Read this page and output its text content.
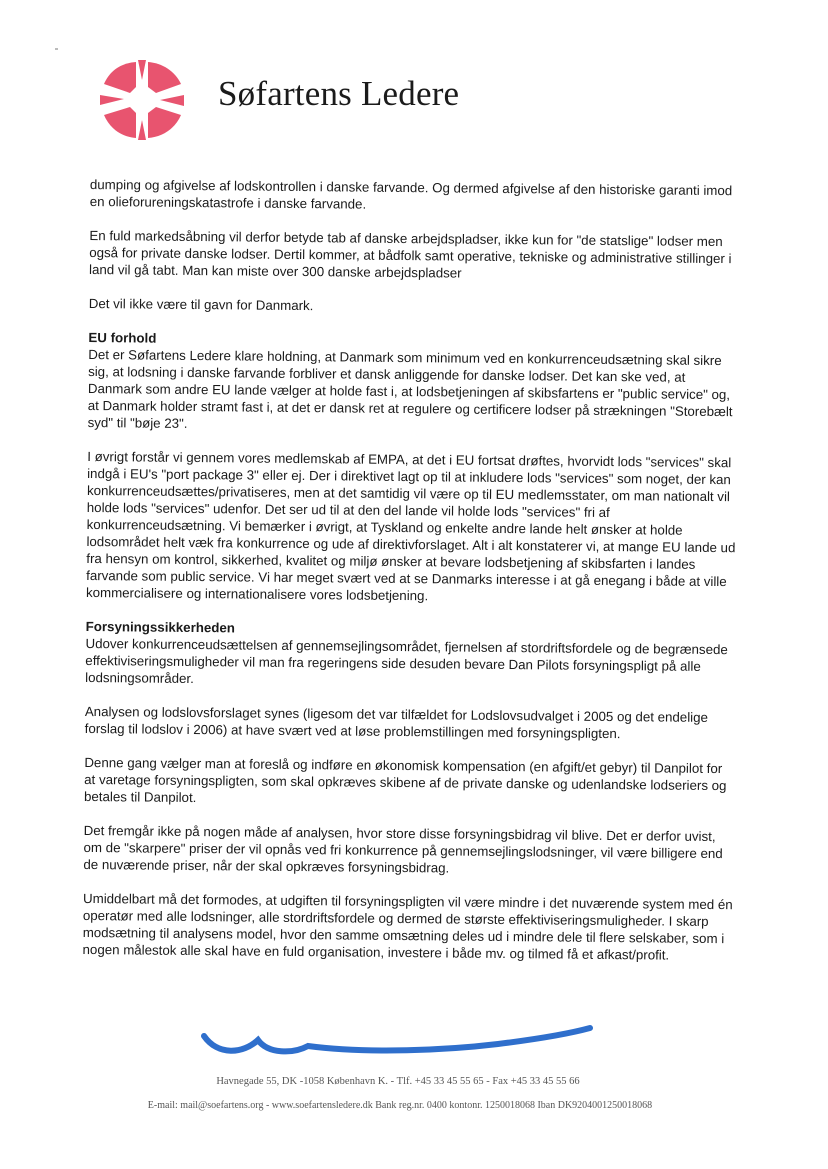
Søfartens Ledere

dumping og afgivelse af lodskontrollen i danske farvande. Og dermed afgivelse af den historiske garanti imod en olieforureningskatastrofe i danske farvande.

En fuld markedsåbning vil derfor betyde tab af danske arbejdspladser, ikke kun for "de statslige" lodser men også for private danske lodser. Dertil kommer, at bådfolk samt operative, tekniske og administrative stillinger i land vil gå tabt. Man kan miste over 300 danske arbejdspladser

Det vil ikke være til gavn for Danmark.

EU forhold

Det er Søfartens Ledere klare holdning, at Danmark som minimum ved en konkurrenceudsætning skal sikre sig, at lodsning i danske farvande forbliver et dansk anliggende for danske lodser. Det kan ske ved, at Danmark som andre EU lande vælger at holde fast i, at lodsbetjeningen af skibsfartens er "public service" og, at Danmark holder stramt fast i, at det er dansk ret at regulere og certificere lodser på strækningen "Storebælt syd" til "bøje 23".

I øvrigt forstår vi gennem vores medlemskab af EMPA, at det i EU fortsat drøftes, hvorvidt lods "services" skal indgå i EU's "port package 3" eller ej. Der i direktivet lagt op til at inkludere lods "services" som noget, der kan konkurrenceudsættes/privatiseres, men at det samtidig vil være op til EU medlemsstater, om man nationalt vil holde lods "services" udenfor. Det ser ud til at den del lande vil holde lods "services" fri af konkurrenceudsætning. Vi bemærker i øvrigt, at Tyskland og enkelte andre lande helt ønsker at holde lodsområdet helt væk fra konkurrence og ude af direktivforslaget. Alt i alt konstaterer vi, at mange EU lande ud fra hensyn om kontrol, sikkerhed, kvalitet og miljø ønsker at bevare lodsbetjening af skibsfarten i landes farvande som public service. Vi har meget svært ved at se Danmarks interesse i at gå enegang i både at ville kommercialisere og internationalisere vores lodsbetjening.

Forsyningssikkerheden

Udover konkurrenceudsættelsen af gennemsejlingsområdet, fjernelsen af stordriftsfordele og de begrænsede effektiviseringsmuligheder vil man fra regeringens side desuden bevare Dan Pilots forsyningspligt på alle lodsningsområder.

Analysen og lodslovsforslaget synes (ligesom det var tilfældet for Lodslovsudvalget i 2005 og det endelige forslag til lodslov i 2006) at have svært ved at løse problemstillingen med forsyningspligten.

Denne gang vælger man at foreslå og indføre en økonomisk kompensation (en afgift/et gebyr) til Danpilot for at varetage forsyningspligten, som skal opkræves skibene af de private danske og udenlandske lodseriers og betales til Danpilot.

Det fremgår ikke på nogen måde af analysen, hvor store disse forsyningsbidrag vil blive. Det er derfor uvist, om de "skarpere" priser der vil opnås ved fri konkurrence på gennemsejlingslodsninger, vil være billigere end de nuværende priser, når der skal opkræves forsyningsbidrag.

Umiddelbart må det formodes, at udgiften til forsyningspligten vil være mindre i det nuværende system med én operatør med alle lodsninger, alle stordriftsfordele og dermed de største effektiviseringsmuligheder. I skarp modsætning til analysens model, hvor den samme omsætning deles ud i mindre dele til flere selskaber, som i nogen målestok alle skal have en fuld organisation, investere i både mv. og tilmed få et afkast/profit.

Havnegade 55, DK -1058 København K. - Tlf. +45 33 45 55 65 - Fax +45 33 45 55 66
E-mail: mail@soefartens.org - www.soefartensledere.dk Bank reg.nr. 0400 kontonr. 1250018068 Iban DK9204001250018068
